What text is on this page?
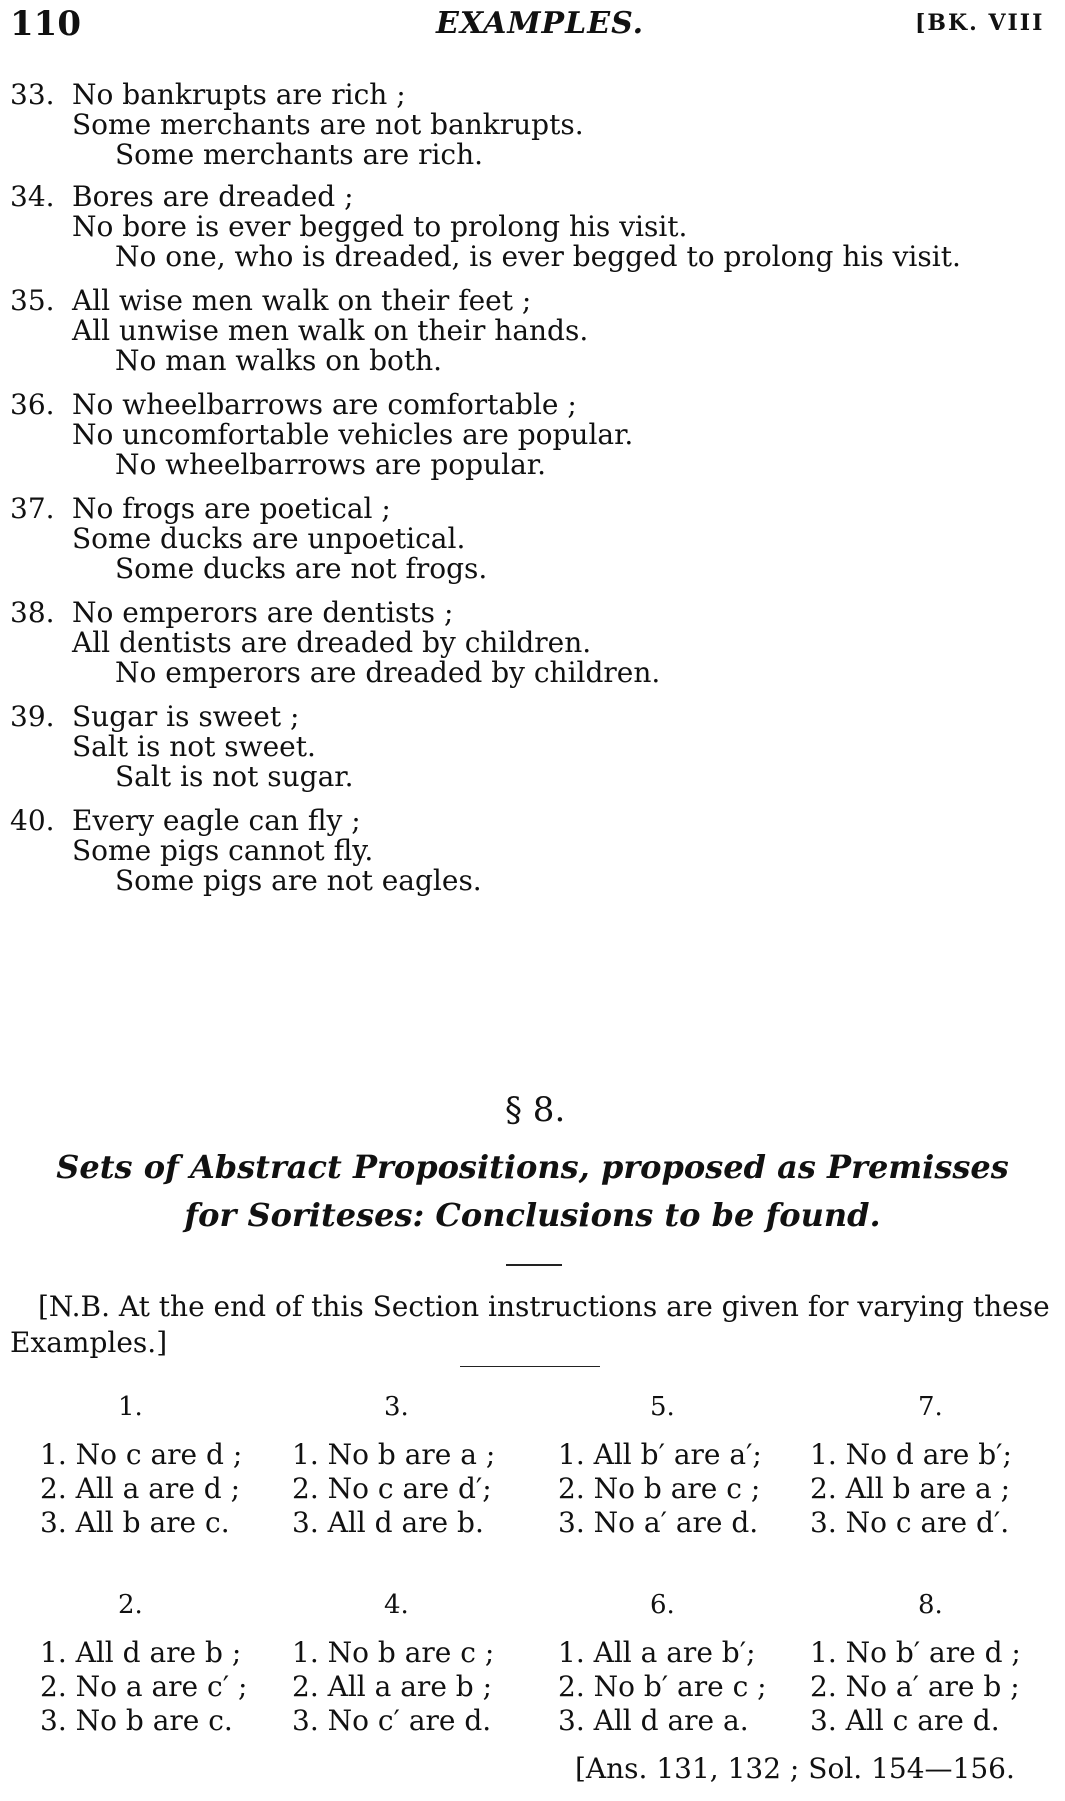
110	EXAMPLES.	[BK. VIII
33. No bankrupts are rich ;
Some merchants are not bankrupts.
Some merchants are rich.
34. Bores are dreaded ;
No bore is ever begged to prolong his visit.
No one, who is dreaded, is ever begged to prolong his visit.
35. All wise men walk on their feet ;
All unwise men walk on their hands.
No man walks on both.
36. No wheelbarrows are comfortable ;
No uncomfortable vehicles are popular.
No wheelbarrows are popular.
37. No frogs are poetical ;
Some ducks are unpoetical.
Some ducks are not frogs.
38. No emperors are dentists ;
All dentists are dreaded by children.
No emperors are dreaded by children.
39. Sugar is sweet ;
Salt is not sweet.
Salt is not sugar.
40. Every eagle can fly ;
Some pigs cannot fly.
Some pigs are not eagles.
§ 8.
Sets of Abstract Propositions, proposed as Premisses
for Soriteses: Conclusions to be found.
[N.B. At the end of this Section instructions are given for varying these
Examples.]
1.	3.	5.	7.
1. No c are d ;
2. All a are d ;
3. All b are c.
1. No b are a ;
2. No c are d′;
3. All d are b.
1. All b′ are a′;
2. No b are c ;
3. No a′ are d.
1. No d are b′;
2. All b are a ;
3. No c are d′.
2.	4.	6.	8.
1. All d are b ;
2. No a are c′ ;
3. No b are c.
1. No b are c ;
2. All a are b ;
3. No c′ are d.
1. All a are b′;
2. No b′ are c ;
3. All d are a.
1. No b′ are d ;
2. No a′ are b ;
3. All c are d.
[Ans. 131, 132 ; Sol. 154—156.
